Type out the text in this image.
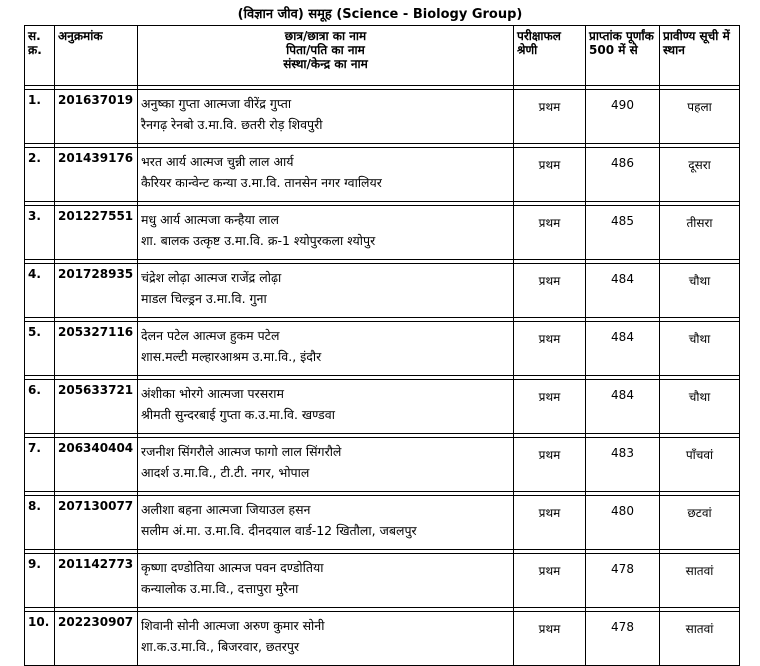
(विज्ञान जीव) समूह (Science - Biology Group)
स. क्र.	अनुक्रमांक	छात्र/छात्रा का नाम
पिता/पति का नाम
संस्था/केन्द्र का नाम	परीक्षाफल श्रेणी	प्राप्तांक पूर्णांक 500 में से	प्रावीण्य सूची में स्थान

1.	201637019	अनुष्का गुप्ता आत्मजा वीरेंद्र गुप्ता
रैनगढ़ रेनबो उ.मा.वि. छतरी रोड़ शिवपुरी	प्रथम	490	पहला

2.	201439176	भरत आर्य आत्मज चुन्नी लाल आर्य
कैरियर कान्वेन्ट कन्या उ.मा.वि. तानसेन नगर ग्वालियर	प्रथम	486	दूसरा

3.	201227551	मधु आर्य आत्मजा कन्हैया लाल
शा. बालक उत्कृष्ट उ.मा.वि. क्र-1 श्योपुरकला श्योपुर	प्रथम	485	तीसरा

4.	201728935	चंद्रेश लोढ़ा आत्मज राजेंद्र लोढ़ा
माडल चिल्ड्रन उ.मा.वि. गुना	प्रथम	484	चौथा

5.	205327116	देलन पटेल आत्मज हुकम पटेल
शास.मल्टी मल्हारआश्रम उ.मा.वि., इंदौर	प्रथम	484	चौथा

6.	205633721	अंशीका भोरगे आत्मजा परसराम
श्रीमती सुन्दरबाई गुप्ता क.उ.मा.वि. खण्डवा	प्रथम	484	चौथा

7.	206340404	रजनीश सिंगरौले आत्मज फागो लाल सिंगरौले
आदर्श उ.मा.वि., टी.टी. नगर, भोपाल	प्रथम	483	पाँचवां

8.	207130077	अलीशा बहना आत्मजा जियाउल हसन
सलीम अं.मा. उ.मा.वि. दीनदयाल वार्ड-12 खितौला, जबलपुर	प्रथम	480	छटवां

9.	201142773	कृष्णा दण्डोतिया आत्मज पवन दण्डोतिया
कन्यालोक उ.मा.वि., दत्तापुरा मुरैना	प्रथम	478	सातवां

10.	202230907	शिवानी सोनी आत्मजा अरुण कुमार सोनी
शा.क.उ.मा.वि., बिजरवार, छतरपुर	प्रथम	478	सातवां
